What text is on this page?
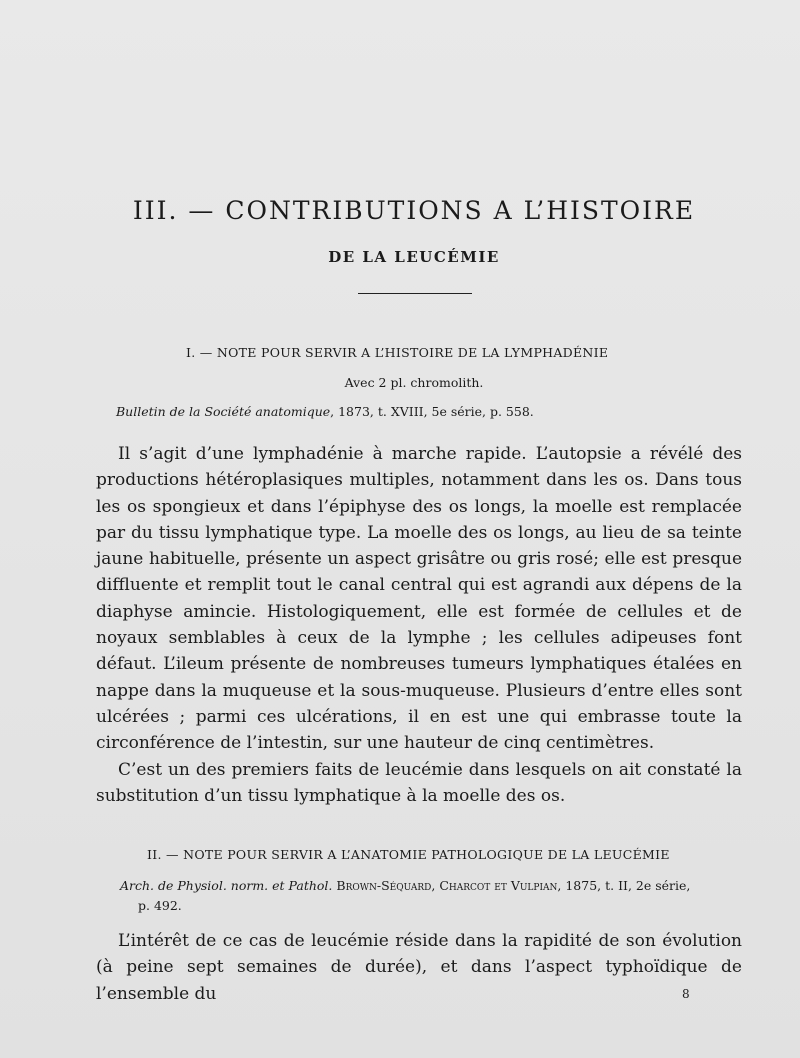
III. — CONTRIBUTIONS A L’HISTOIRE
DE LA LEUCÉMIE
I. — NOTE POUR SERVIR A L’HISTOIRE DE LA LYMPHADÉNIE
Avec 2 pl. chromolith.
Bulletin de la Société anatomique, 1873, t. XVIII, 5e série, p. 558.

Il s’agit d’une lymphadénie à marche rapide. L’autopsie a révélé des productions hétéroplasiques multiples, notamment dans les os. Dans tous les os spongieux et dans l’épiphyse des os longs, la moelle est remplacée par du tissu lymphatique type. La moelle des os longs, au lieu de sa teinte jaune habituelle, présente un aspect grisâtre ou gris rosé; elle est presque diffluente et remplit tout le canal central qui est agrandi aux dépens de la diaphyse amincie. Histologiquement, elle est formée de cellules et de noyaux semblables à ceux de la lymphe ; les cellules adipeuses font défaut. L’ileum présente de nombreuses tumeurs lymphatiques étalées en nappe dans la muqueuse et la sous-muqueuse. Plusieurs d’entre elles sont ulcérées ; parmi ces ulcérations, il en est une qui embrasse toute la circonférence de l’intestin, sur une hauteur de cinq centimètres.

C’est un des premiers faits de leucémie dans lesquels on ait constaté la substitution d’un tissu lymphatique à la moelle des os.

II. — NOTE POUR SERVIR A L’ANATOMIE PATHOLOGIQUE DE LA LEUCÉMIE
Arch. de Physiol. norm. et Pathol. Brown-Séquard, Charcot et Vulpian, 1875, t. II, 2e série,
p. 492.

L’intérêt de ce cas de leucémie réside dans la rapidité de son évolution (à peine sept semaines de durée), et dans l’aspect typhoïdique de l’ensemble du	8
